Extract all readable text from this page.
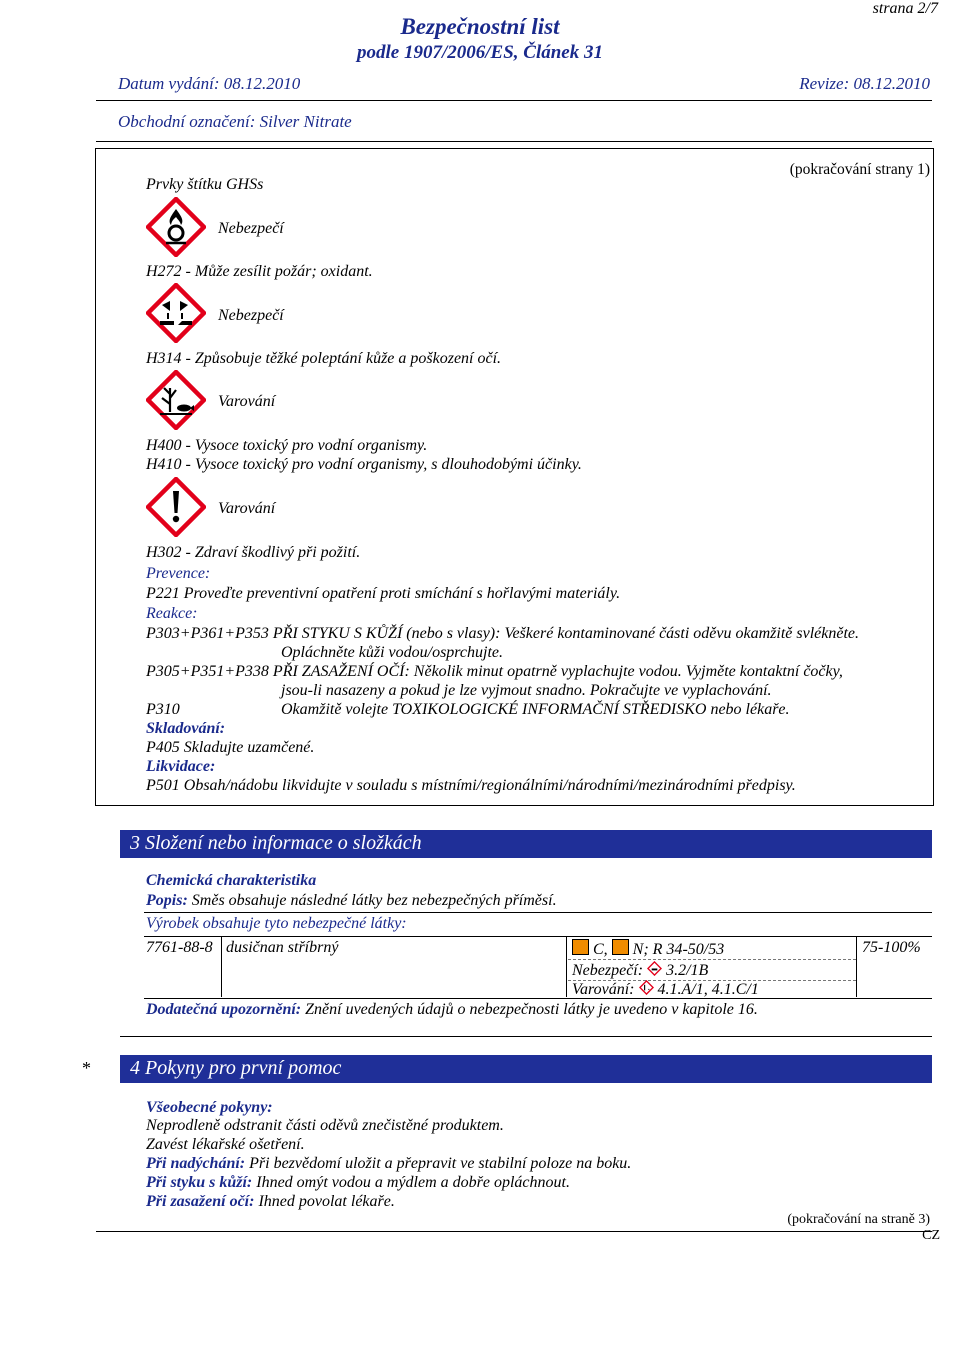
strana 2/7
Bezpečnostní list
podle 1907/2006/ES, Článek 31
Datum vydání: 08.12.2010	Revize: 08.12.2010
Obchodní označení: Silver Nitrate
Prvky štítku GHSs
(pokračování strany 1)
Nebezpečí
H272 - Může zesílit požár; oxidant.
Nebezpečí
H314 - Způsobuje těžké poleptání kůže a poškození očí.
Varování
H400 - Vysoce toxický pro vodní organismy.
H410 - Vysoce toxický pro vodní organismy, s dlouhodobými účinky.
Varování
H302 - Zdraví škodlivý při požití.
Prevence:
P221 Proveďte preventivní opatření proti smíchání s hořlavými materiály.
Reakce:
P303+P361+P353 PŘI STYKU S KŮŽÍ (nebo s vlasy): Veškeré kontaminované části oděvu okamžitě svlékněte.
Opláchněte kůži vodou/osprchujte.
P305+P351+P338 PŘI ZASAŽENÍ OČÍ: Několik minut opatrně vyplachujte vodou. Vyjměte kontaktní čočky,
jsou-li nasazeny a pokud je lze vyjmout snadno. Pokračujte ve vyplachování.
P310	Okamžitě volejte TOXIKOLOGICKÉ INFORMAČNÍ STŘEDISKO nebo lékaře.
Skladování:
P405 Skladujte uzamčené.
Likvidace:
P501 Obsah/nádobu likvidujte v souladu s místními/regionálními/národními/mezinárodními předpisy.
3 Složení nebo informace o složkách
Chemická charakteristika
Popis: Směs obsahuje následné látky bez nebezpečných příměsí.
Výrobek obsahuje tyto nebezpečné látky:
7761-88-8 dusičnan stříbrný	C, N; R 34-50/53	75-100%
Nebezpečí: 3.2/1B
Varování: 4.1.A/1, 4.1.C/1
Dodatečná upozornění: Znění uvedených údajů o nebezpečnosti látky je uvedeno v kapitole 16.
* 4 Pokyny pro první pomoc
Všeobecné pokyny:
Neprodleně odstranit části oděvů znečistěné produktem.
Zavést lékařské ošetření.
Při nadýchání: Při bezvědomí uložit a přepravit ve stabilní poloze na boku.
Při styku s kůží: Ihned omýt vodou a mýdlem a dobře opláchnout.
Při zasažení očí: Ihned povolat lékaře.
(pokračování na straně 3)
CZ
